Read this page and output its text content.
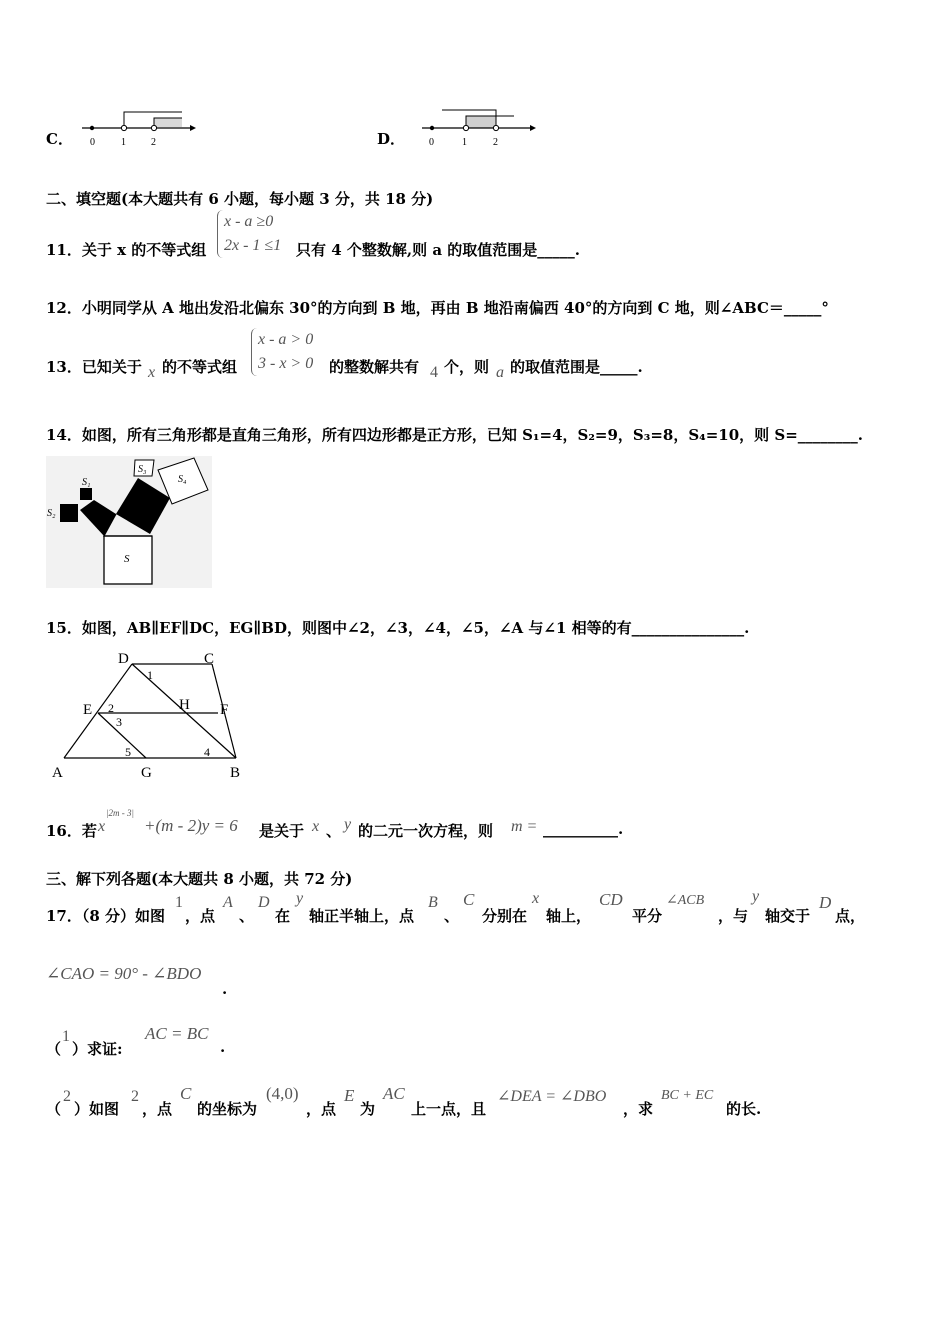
C． 0	1	2	D． 0	1	2
二、填空题(本大题共有 6 小题，每小题 3 分，共 18 分)
11．关于 x 的不等式组
x - a ≥0
2x - 1 ≤1 只有 4 个整数解,则 a 的取值范围是_____.
12．小明同学从 A 地出发沿北偏东 30°的方向到 B 地，再由 B 地沿南偏西 40°的方向到 C 地，则∠ABC＝_____°
13．已知关于 x 的不等式组
x - a > 0
3 - x > 0 的整数解共有 4 个，则 a 的取值范围是_____.
14．如图，所有三角形都是直角三角形，所有四边形都是正方形，已知 S₁=4，S₂=9，S₃=8，S₄=10，则 S=________.
S₁
S₂
S₃
S₄
S
15．如图，AB∥EF∥DC，EG∥BD，则图中∠2，∠3，∠4，∠5，∠A 与∠1 相等的有_______________.
D	C
E	H F
A	G	B
1
2
3
4
5
16．若 x
|2m - 3|
+(m - 2)y = 6 是关于 x 、 y 的二元一次方程，则 m = __________.
三、解下列各题(本大题共 8 小题，共 72 分)
17．（8 分）如图
1
，点
A
、
D
在
y
轴正半轴上，点
B
、
C
分别在
x
轴上，
CD
平分
∠ACB
，与
y
轴交于
D
点，
∠CAO = 90° - ∠BDO
.
（
1
）求证:
AC = BC
.
（
2
）如图
2
，点
C
的坐标为
(4,0)
，点
E
为
AC
上一点，且
∠DEA = ∠DBO
，求
BC + EC
的长.
